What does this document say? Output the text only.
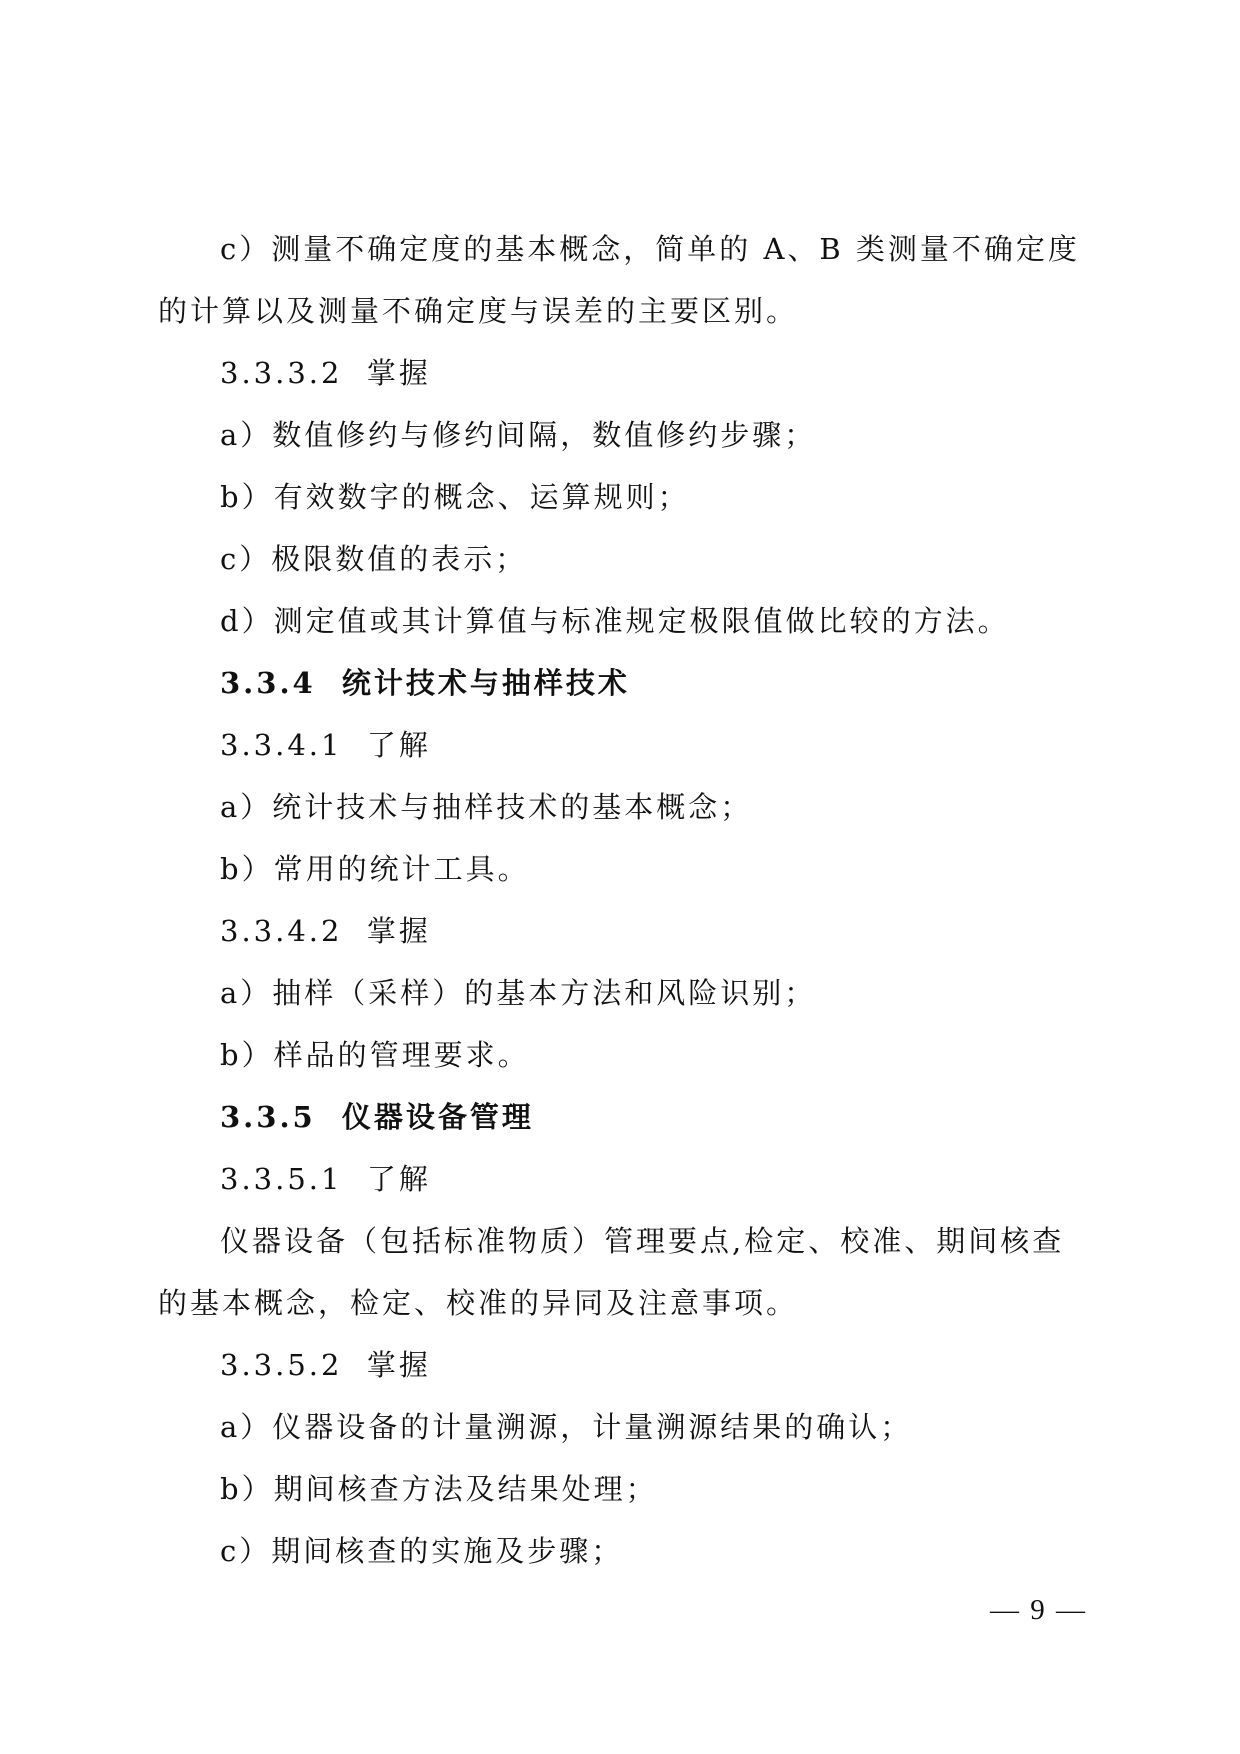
c）测量不确定度的基本概念，简单的 A、B 类测量不确定度的计算以及测量不确定度与误差的主要区别。

3.3.3.2  掌握

a）数值修约与修约间隔，数值修约步骤；

b）有效数字的概念、运算规则；

c）极限数值的表示；

d）测定值或其计算值与标准规定极限值做比较的方法。

3.3.4  统计技术与抽样技术

3.3.4.1  了解

a）统计技术与抽样技术的基本概念；

b）常用的统计工具。

3.3.4.2  掌握

a）抽样（采样）的基本方法和风险识别；

b）样品的管理要求。

3.3.5  仪器设备管理

3.3.5.1  了解

仪器设备（包括标准物质）管理要点,检定、校准、期间核查的基本概念，检定、校准的异同及注意事项。

3.3.5.2  掌握

a）仪器设备的计量溯源，计量溯源结果的确认；

b）期间核查方法及结果处理；

c）期间核查的实施及步骤；

— 9 —
